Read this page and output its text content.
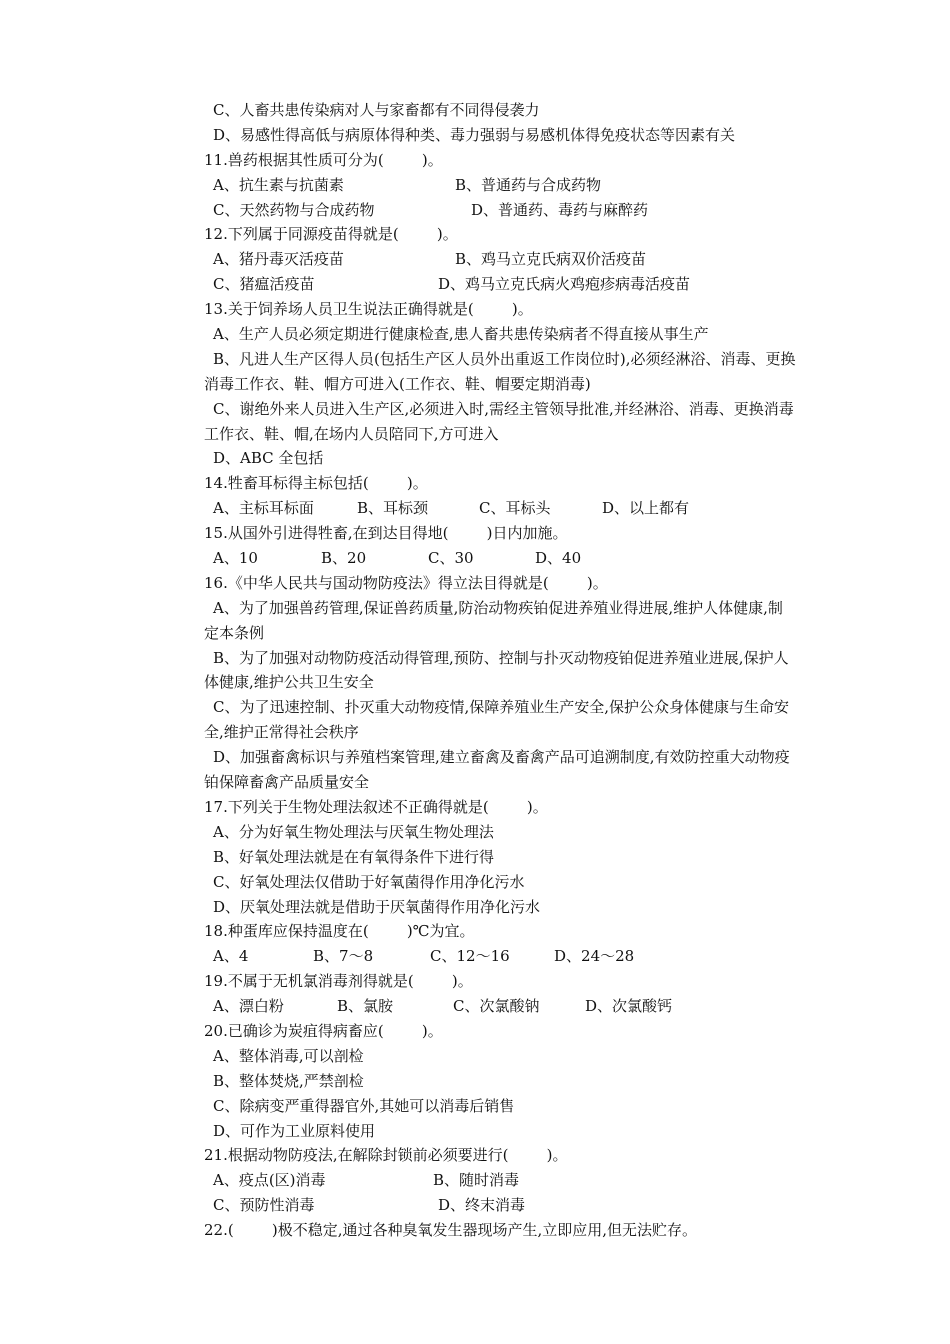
C、人畜共患传染病对人与家畜都有不同得侵袭力
D、易感性得高低与病原体得种类、毒力强弱与易感机体得免疫状态等因素有关
11.兽药根据其性质可分为(        )。
A、抗生素与抗菌素	B、普通药与合成药物
C、天然药物与合成药物	D、普通药、毒药与麻醉药
12.下列属于同源疫苗得就是(        )。
A、猪丹毒灭活疫苗	B、鸡马立克氏病双价活疫苗
C、猪瘟活疫苗	D、鸡马立克氏病火鸡疱疹病毒活疫苗
13.关于饲养场人员卫生说法正确得就是(        )。
A、生产人员必须定期进行健康检查,患人畜共患传染病者不得直接从事生产
B、凡进人生产区得人员(包括生产区人员外出重返工作岗位时),必须经淋浴、消毒、更换
消毒工作衣、鞋、帽方可进入(工作衣、鞋、帽要定期消毒)
C、谢绝外来人员进入生产区,必须进入时,需经主管领导批准,并经淋浴、消毒、更换消毒
工作衣、鞋、帽,在场内人员陪同下,方可进入
D、ABC 全包括
14.牲畜耳标得主标包括(        )。
A、主标耳标面	B、耳标颈	C、耳标头	D、以上都有
15.从国外引进得牲畜,在到达目得地(        )日内加施。
A、10	B、20	C、30	D、40
16.《中华人民共与国动物防疫法》得立法目得就是(        )。
A、为了加强兽药管理,保证兽药质量,防治动物疾铂促进养殖业得进展,维护人体健康,制
定本条例
B、为了加强对动物防疫活动得管理,预防、控制与扑灭动物疫铂促进养殖业进展,保护人
体健康,维护公共卫生安全
C、为了迅速控制、扑灭重大动物疫情,保障养殖业生产安全,保护公众身体健康与生命安
全,维护正常得社会秩序
D、加强畜禽标识与养殖档案管理,建立畜禽及畜禽产品可追溯制度,有效防控重大动物疫
铂保障畜禽产品质量安全
17.下列关于生物处理法叙述不正确得就是(        )。
A、分为好氧生物处理法与厌氧生物处理法
B、好氧处理法就是在有氧得条件下进行得
C、好氧处理法仅借助于好氧菌得作用净化污水
D、厌氧处理法就是借助于厌氧菌得作用净化污水
18.种蛋库应保持温度在(        )℃为宜。
A、4	B、7～8	C、12～16	D、24～28
19.不属于无机氯消毒剂得就是(        )。
A、漂白粉	B、氯胺	C、次氯酸钠	D、次氯酸钙
20.已确诊为炭疽得病畜应(        )。
A、整体消毒,可以剖检
B、整体焚烧,严禁剖检
C、除病变严重得器官外,其她可以消毒后销售
D、可作为工业原料使用
21.根据动物防疫法,在解除封锁前必须要进行(        )。
A、疫点(区)消毒	B、随时消毒
C、预防性消毒	D、终末消毒
22.(        )极不稳定,通过各种臭氧发生器现场产生,立即应用,但无法贮存。
